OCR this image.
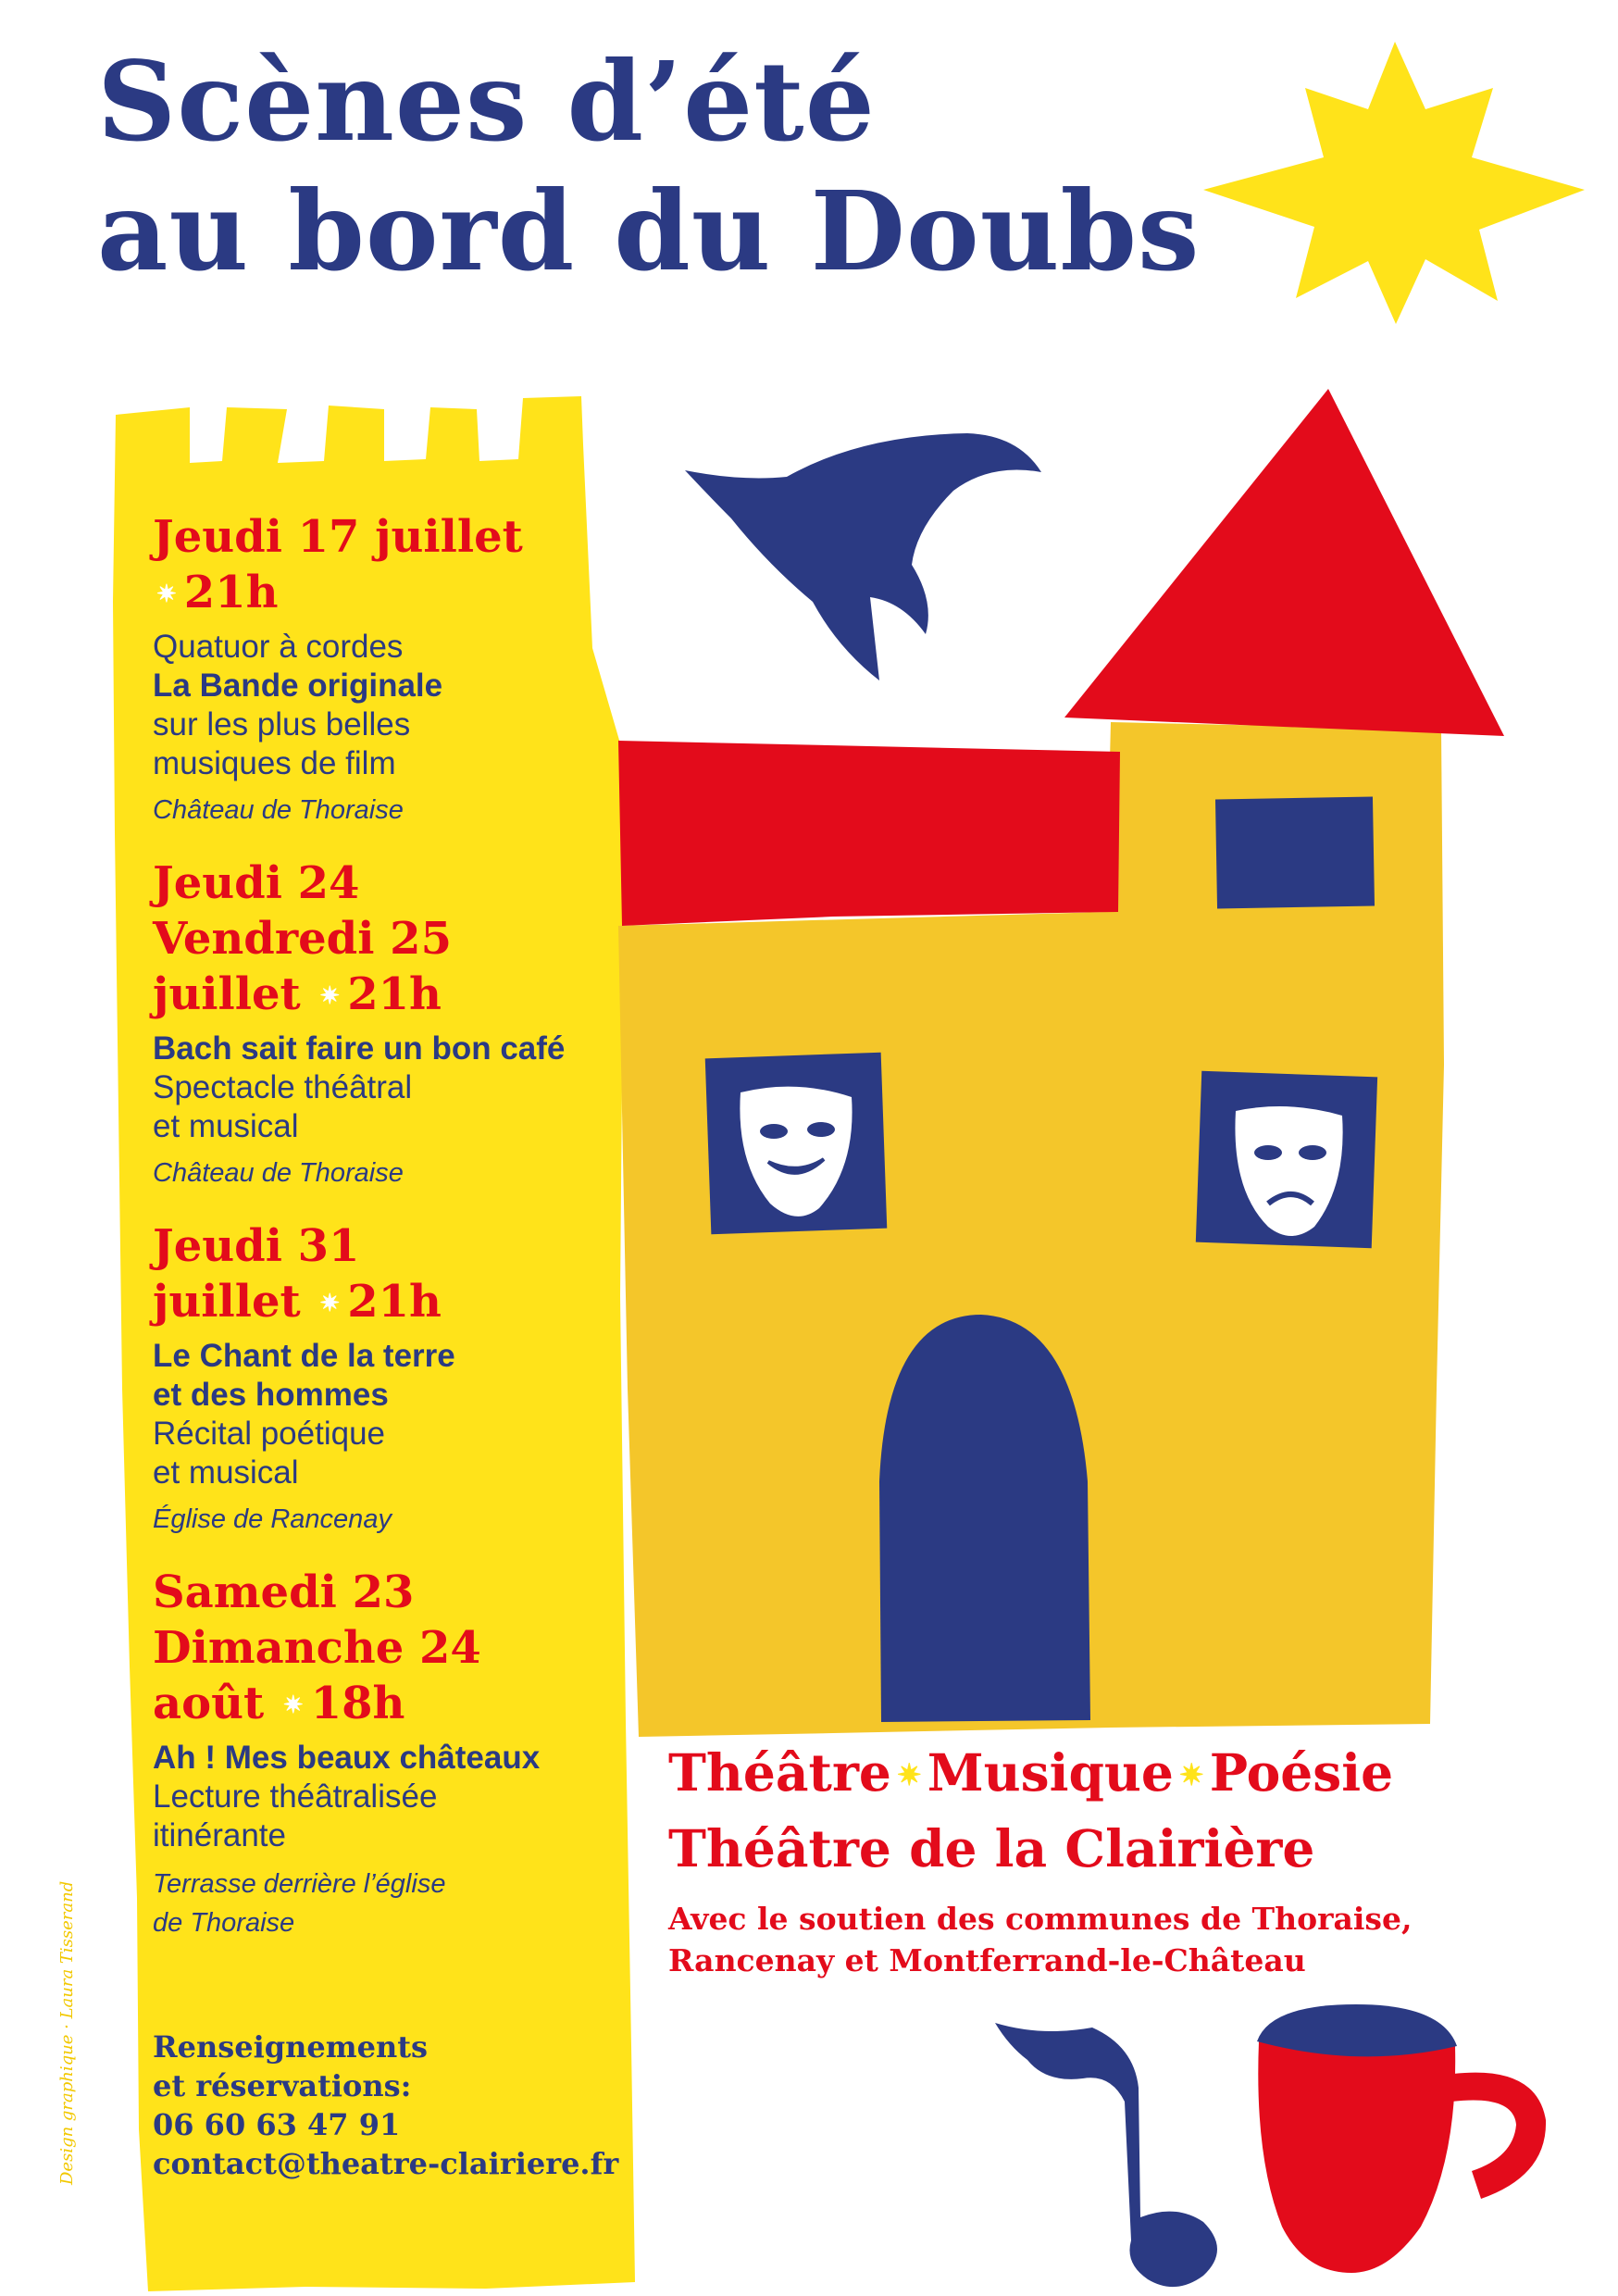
Scènes d’été
au bord du Doubs
Jeudi 17 juillet
✷ 21h
Quatuor à cordes
La Bande originale
sur les plus belles
musiques de film
Château de Thoraise
Jeudi 24
Vendredi 25
juillet ✷ 21h
Bach sait faire un bon café
Spectacle théâtral
et musical
Château de Thoraise
Jeudi 31
juillet ✷ 21h
Le Chant de la terre
et des hommes
Récital poétique
et musical
Église de Rancenay
Samedi 23
Dimanche 24
août ✷ 18h
Ah ! Mes beaux châteaux
Lecture théâtralisée
itinérante
Terrasse derrière l’église
de Thoraise
Renseignements
et réservations:
06 60 63 47 91
contact@theatre-clairiere.fr
Théâtre ✷ Musique ✷ Poésie
Théâtre de la Clairière
Avec le soutien des communes de Thoraise,
Rancenay et Montferrand-le-Château
Design graphique · Laura Tisserand
